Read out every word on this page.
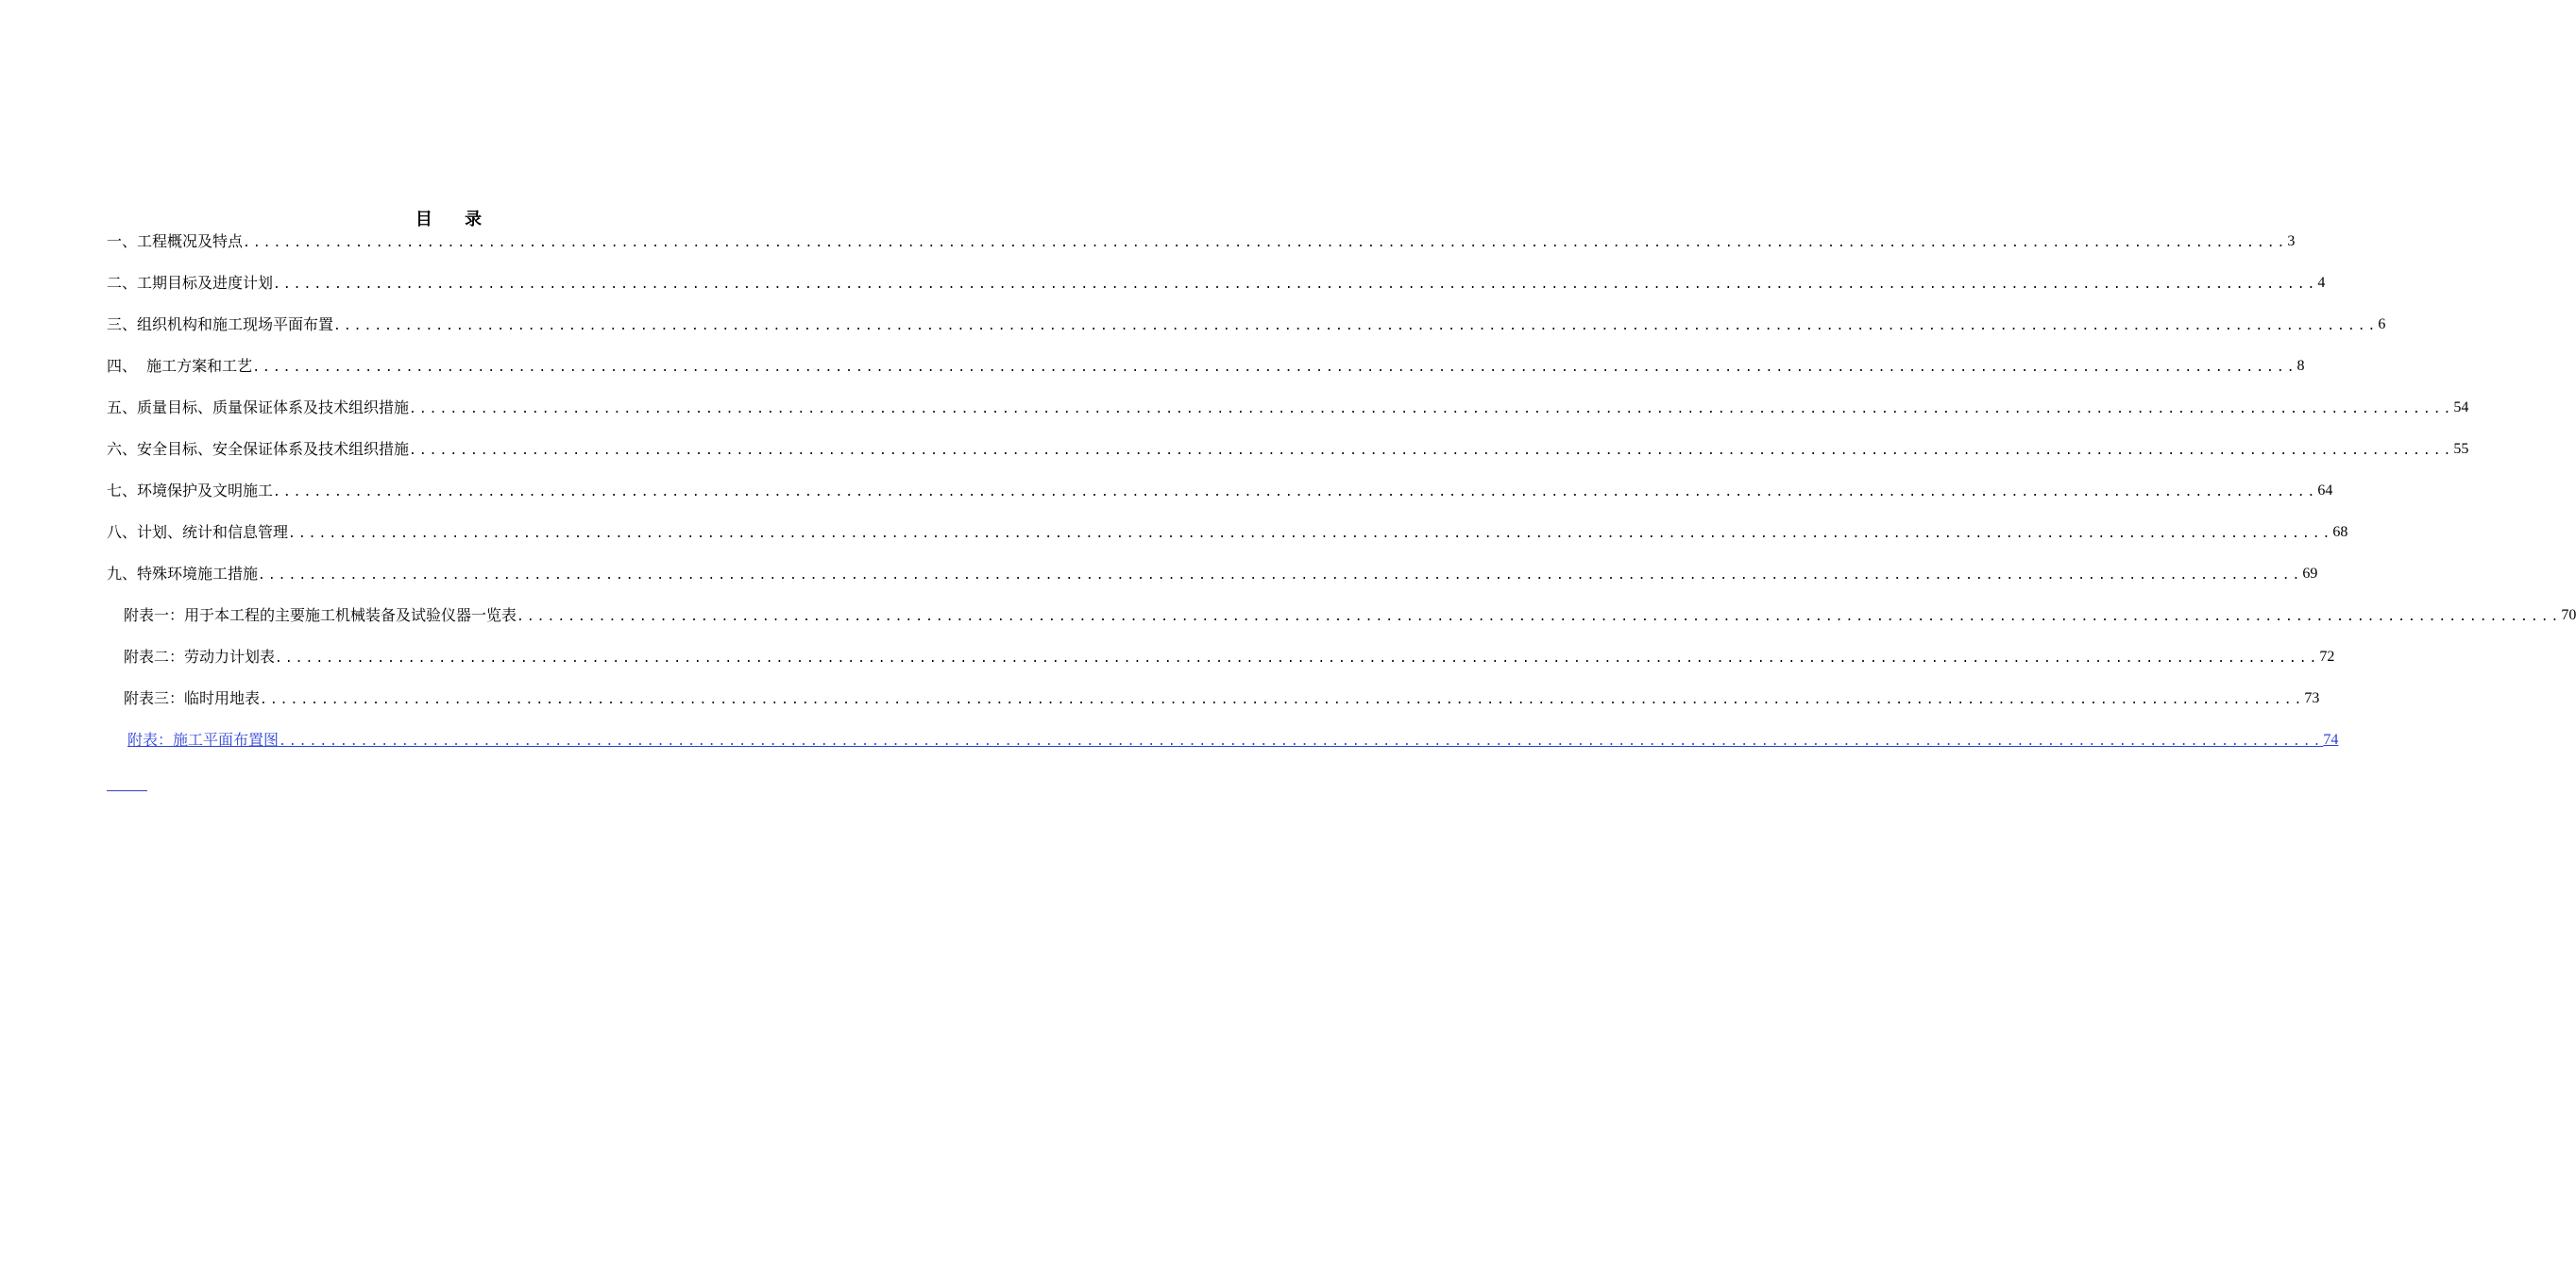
目 录
一、工程概况及特点 ........................................................................................................................................................................................................ 3
二、工期目标及进度计划 ........................................................................................................................................................................................................ 4
三、组织机构和施工现场平面布置 ........................................................................................................................................................................................................ 6
四、  施工方案和工艺 ........................................................................................................................................................................................................ 8
五、质量目标、质量保证体系及技术组织措施 ........................................................................................................................................................................................................ 54
六、安全目标、安全保证体系及技术组织措施 ........................................................................................................................................................................................................ 55
七、环境保护及文明施工 ........................................................................................................................................................................................................ 64
八、计划、统计和信息管理 ........................................................................................................................................................................................................ 68
九、特殊环境施工措施 ........................................................................................................................................................................................................ 69
附表一：用于本工程的主要施工机械装备及试验仪器一览表 ........................................................................................................................................................................................................ 70
附表二：劳动力计划表 ........................................................................................................................................................................................................ 72
附表三：临时用地表 ........................................................................................................................................................................................................ 73
附表：施工平面布置图 ........................................................................................................................................................................................................ 74
